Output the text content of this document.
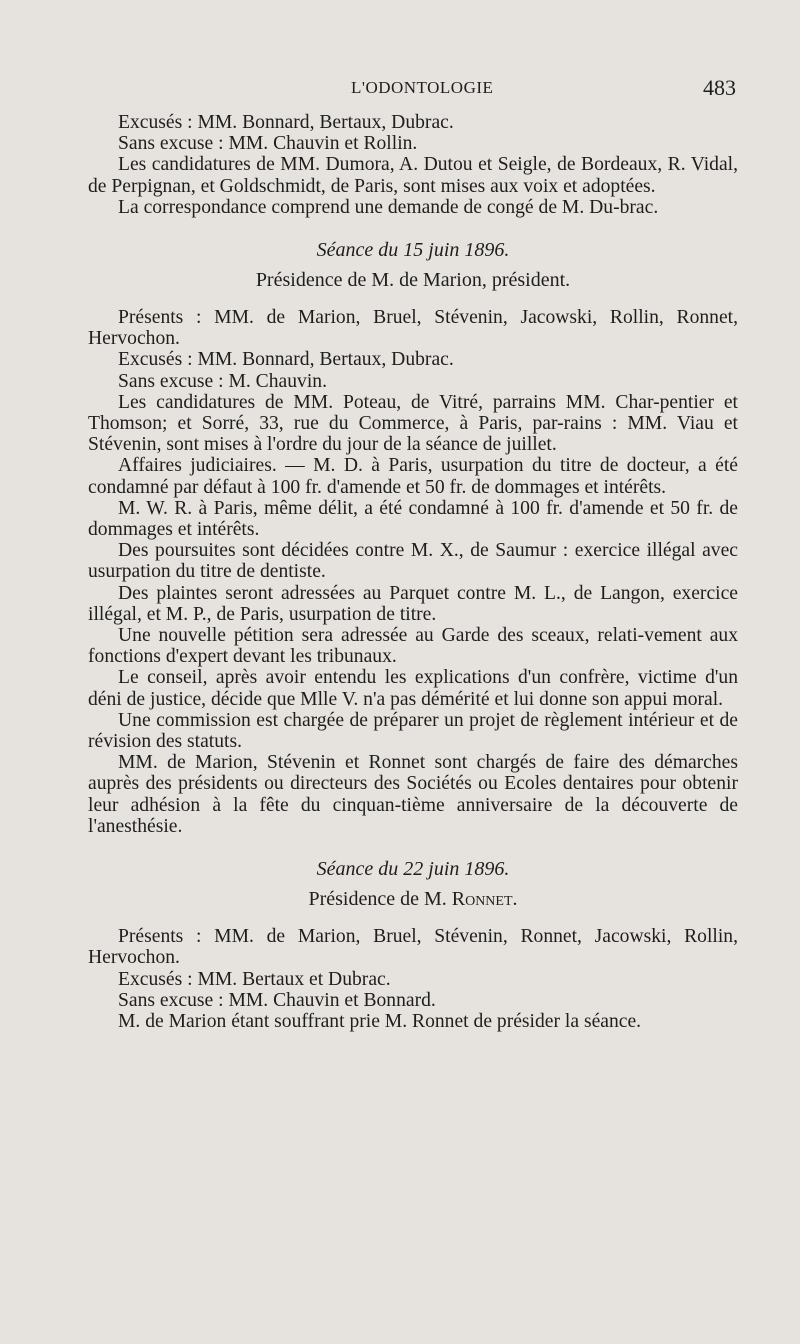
L'ODONTOLOGIE	483

Excusés : MM. Bonnard, Bertaux, Dubrac.

Sans excuse : MM. Chauvin et Rollin.

Les candidatures de MM. Dumora, A. Dutou et Seigle, de Bordeaux, R. Vidal, de Perpignan, et Goldschmidt, de Paris, sont mises aux voix et adoptées.

La correspondance comprend une demande de congé de M. Du-brac.

Séance du 15 juin 1896.

Présidence de M. de Marion, président.

Présents : MM. de Marion, Bruel, Stévenin, Jacowski, Rollin, Ronnet, Hervochon.

Excusés : MM. Bonnard, Bertaux, Dubrac.

Sans excuse : M. Chauvin.

Les candidatures de MM. Poteau, de Vitré, parrains MM. Char-pentier et Thomson; et Sorré, 33, rue du Commerce, à Paris, par-rains : MM. Viau et Stévenin, sont mises à l'ordre du jour de la séance de juillet.

Affaires judiciaires. — M. D. à Paris, usurpation du titre de docteur, a été condamné par défaut à 100 fr. d'amende et 50 fr. de dommages et intérêts.

M. W. R. à Paris, même délit, a été condamné à 100 fr. d'amende et 50 fr. de dommages et intérêts.

Des poursuites sont décidées contre M. X., de Saumur : exercice illégal avec usurpation du titre de dentiste.

Des plaintes seront adressées au Parquet contre M. L., de Langon, exercice illégal, et M. P., de Paris, usurpation de titre.

Une nouvelle pétition sera adressée au Garde des sceaux, relati-vement aux fonctions d'expert devant les tribunaux.

Le conseil, après avoir entendu les explications d'un confrère, victime d'un déni de justice, décide que Mlle V. n'a pas démérité et lui donne son appui moral.

Une commission est chargée de préparer un projet de règlement intérieur et de révision des statuts.

MM. de Marion, Stévenin et Ronnet sont chargés de faire des démarches auprès des présidents ou directeurs des Sociétés ou Ecoles dentaires pour obtenir leur adhésion à la fête du cinquan-tième anniversaire de la découverte de l'anesthésie.

Séance du 22 juin 1896.

Présidence de M. Ronnet.

Présents : MM. de Marion, Bruel, Stévenin, Ronnet, Jacowski, Rollin, Hervochon.

Excusés : MM. Bertaux et Dubrac.

Sans excuse : MM. Chauvin et Bonnard.

M. de Marion étant souffrant prie M. Ronnet de présider la séance.
